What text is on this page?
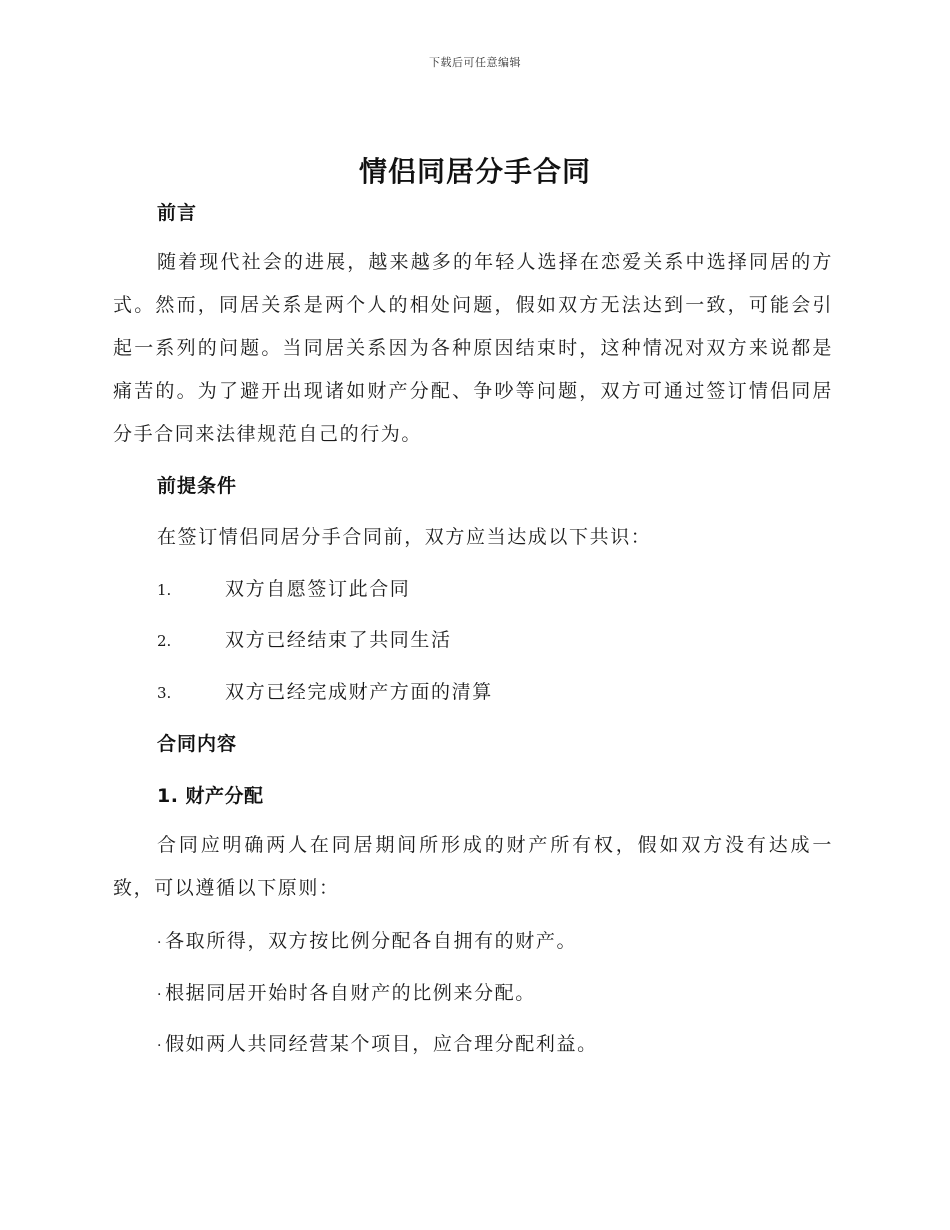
下载后可任意编辑
情侣同居分手合同
前言

随着现代社会的进展，越来越多的年轻人选择在恋爱关系中选择同居的方式。然而，同居关系是两个人的相处问题，假如双方无法达到一致，可能会引起一系列的问题。当同居关系因为各种原因结束时，这种情况对双方来说都是痛苦的。为了避开出现诸如财产分配、争吵等问题，双方可通过签订情侣同居分手合同来法律规范自己的行为。

前提条件
在签订情侣同居分手合同前，双方应当达成以下共识：
1.	双方自愿签订此合同
2.	双方已经结束了共同生活
3.	双方已经完成财产方面的清算
合同内容
1. 财产分配

合同应明确两人在同居期间所形成的财产所有权，假如双方没有达成一致，可以遵循以下原则：

· 各取所得，双方按比例分配各自拥有的财产。
· 根据同居开始时各自财产的比例来分配。
· 假如两人共同经营某个项目，应合理分配利益。
